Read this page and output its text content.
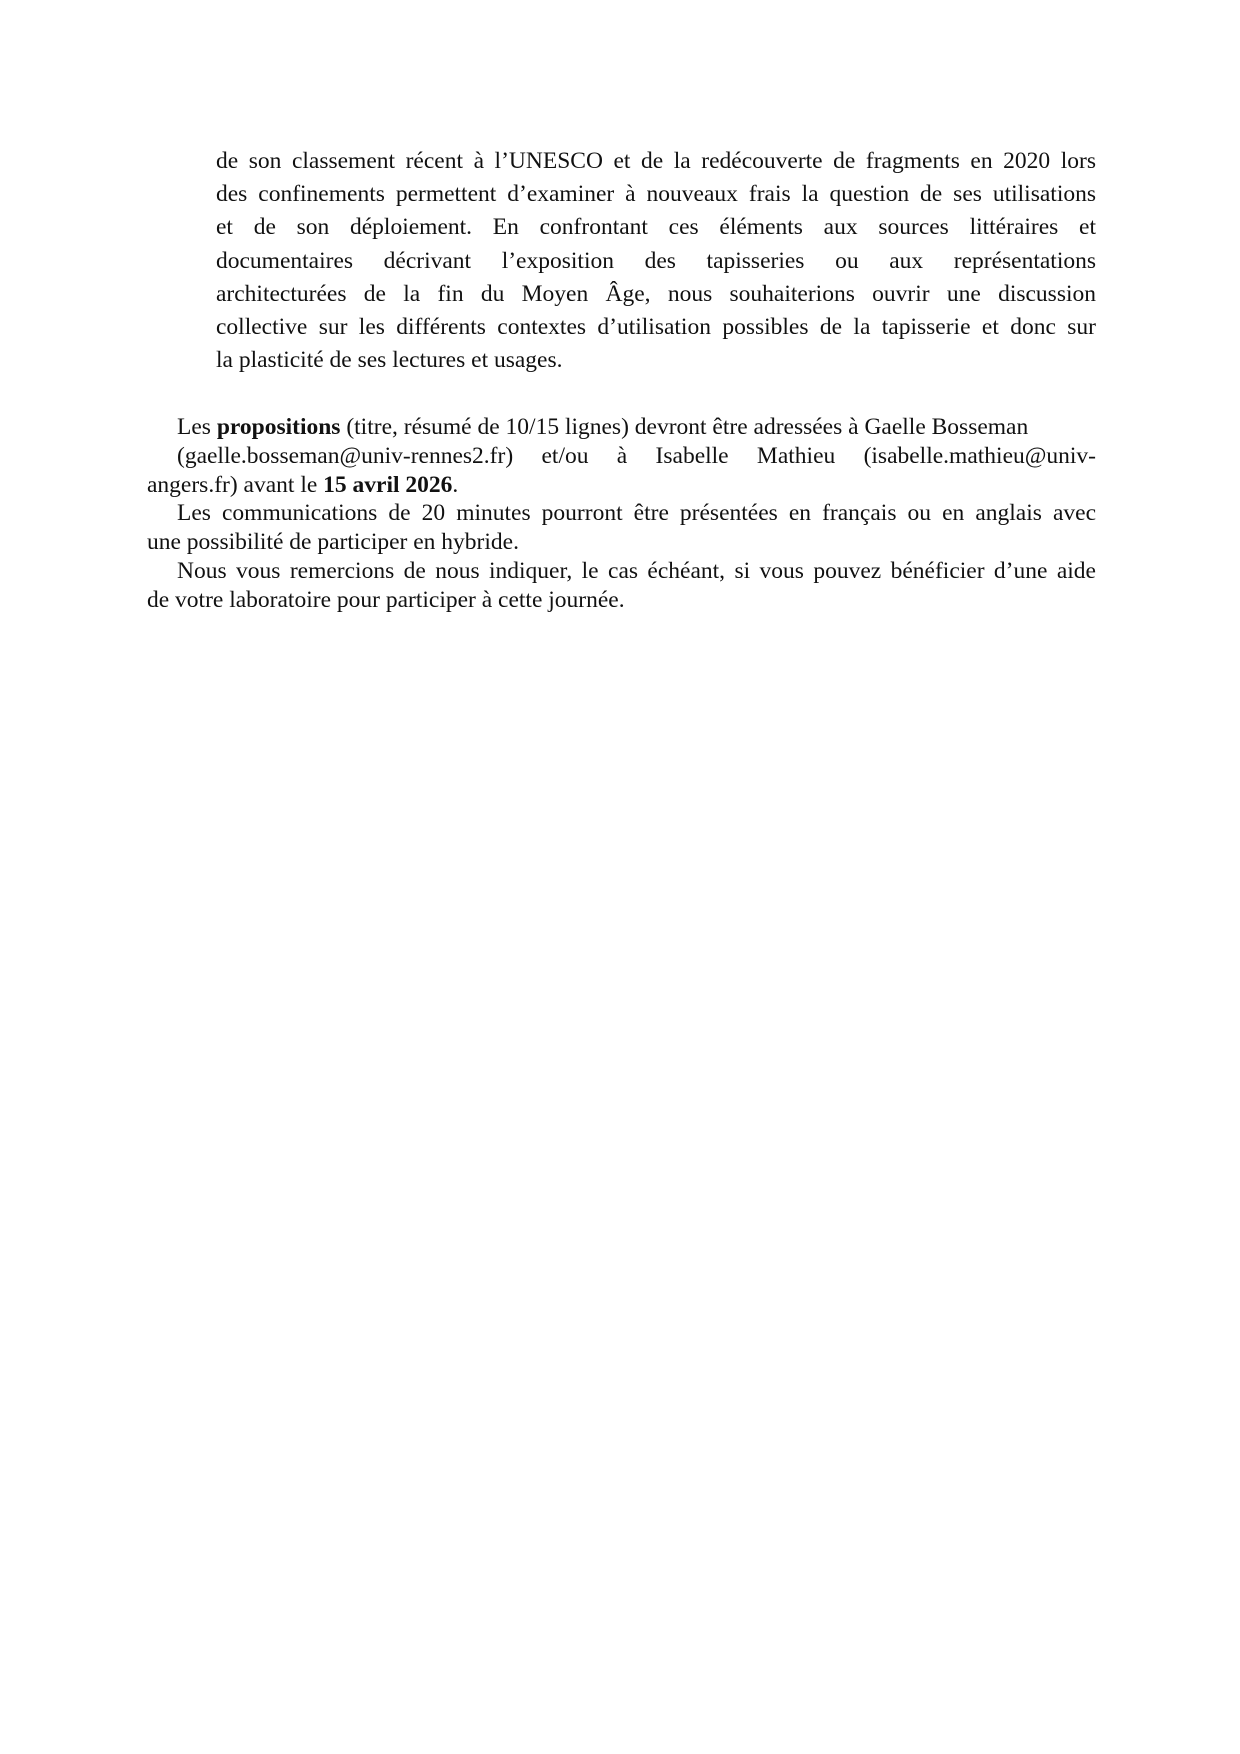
de son classement récent à l’UNESCO et de la redécouverte de fragments en 2020 lors
des confinements permettent d’examiner à nouveaux frais la question de ses utilisations
et de son déploiement. En confrontant ces éléments aux sources littéraires et
documentaires décrivant l’exposition des tapisseries ou aux représentations
architecturées de la fin du Moyen Âge, nous souhaiterions ouvrir une discussion
collective sur les différents contextes d’utilisation possibles de la tapisserie et donc sur
la plasticité de ses lectures et usages.
Les propositions (titre, résumé de 10/15 lignes) devront être adressées à Gaelle Bosseman
(gaelle.bosseman@univ-rennes2.fr) et/ou à Isabelle Mathieu (isabelle.mathieu@univ-
angers.fr) avant le 15 avril 2026.
Les communications de 20 minutes pourront être présentées en français ou en anglais avec
une possibilité de participer en hybride.
Nous vous remercions de nous indiquer, le cas échéant, si vous pouvez bénéficier d’une aide
de votre laboratoire pour participer à cette journée.
